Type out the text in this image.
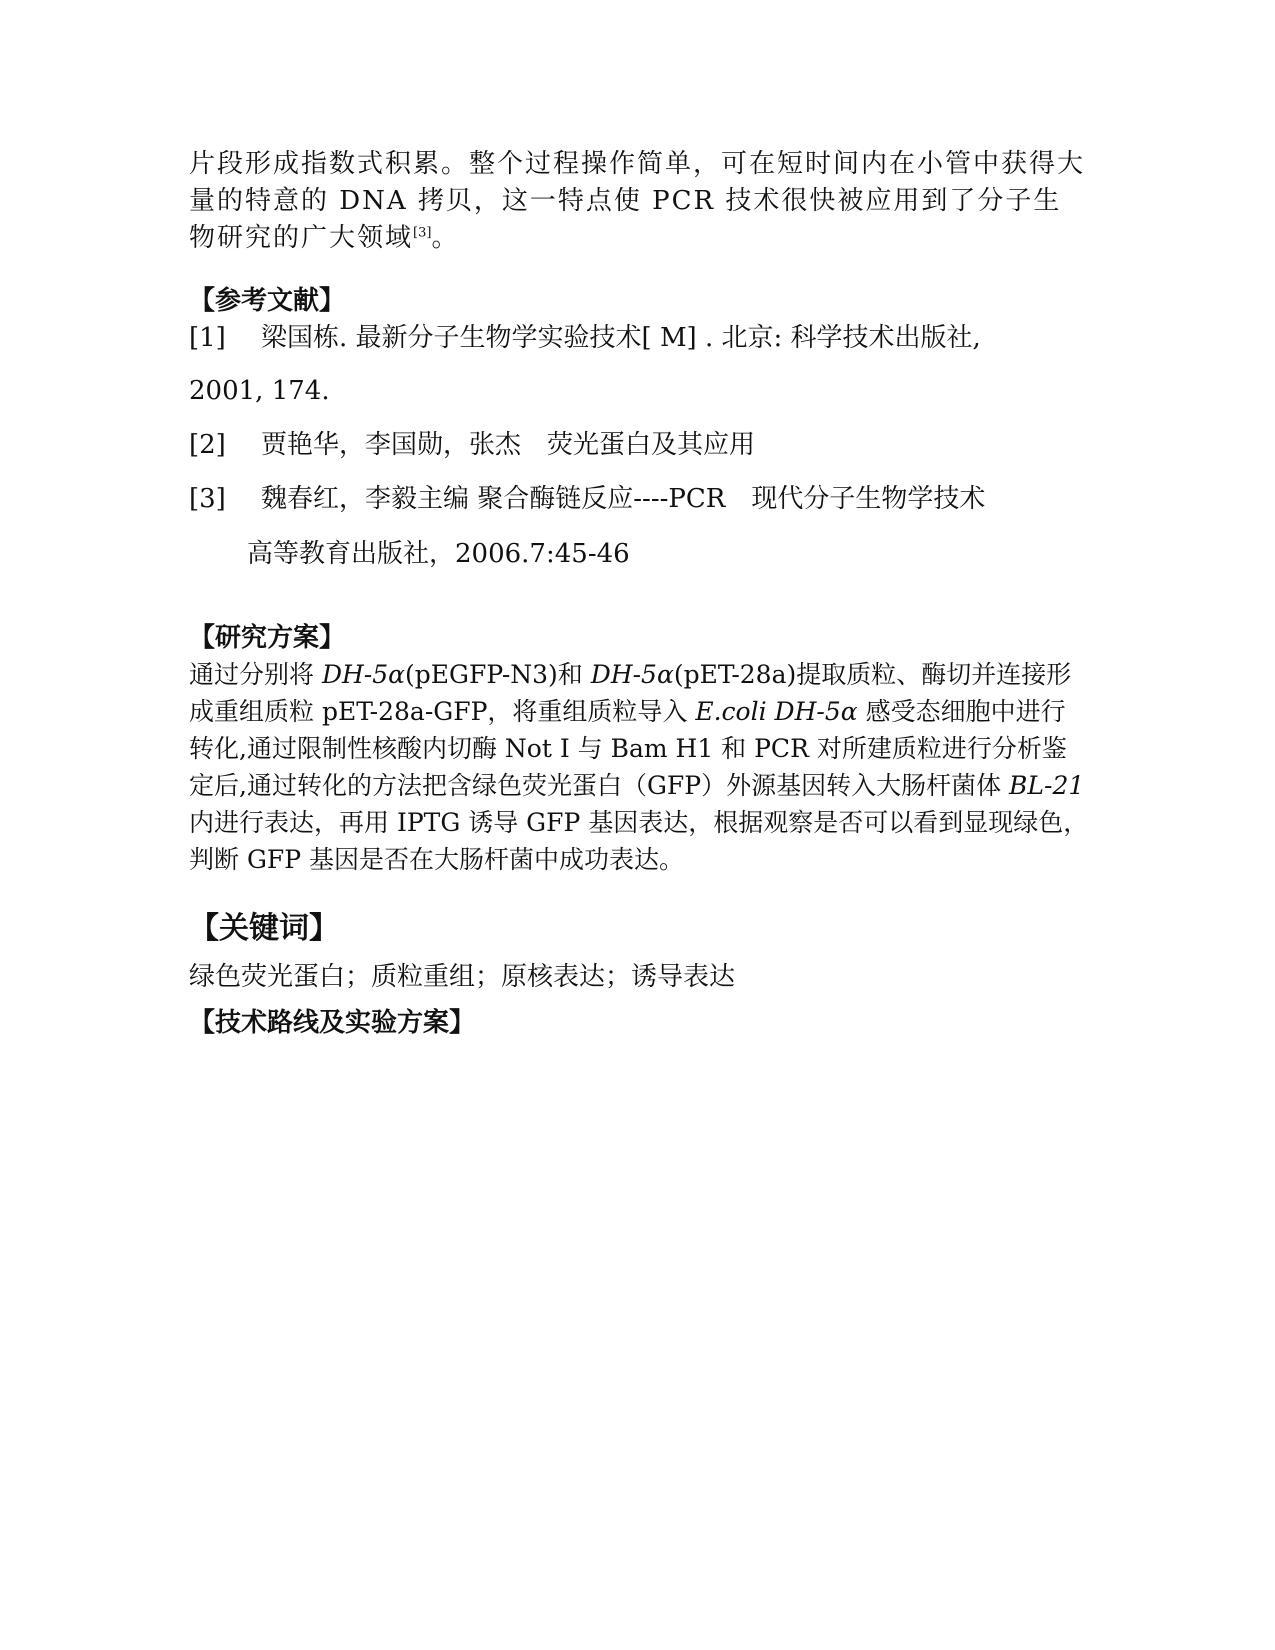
片段形成指数式积累。整个过程操作简单，可在短时间内在小管中获得大量的特意的 DNA 拷贝，这一特点使 PCR 技术很快被应用到了分子生物研究的广大领域[3]。
【参考文献】
[1] 梁国栋. 最新分子生物学实验技术[ M] . 北京: 科学技术出版社,
2001, 174.
[2] 贾艳华，李国勋，张杰　荧光蛋白及其应用
[3] 魏春红，李毅主编 聚合酶链反应----PCR　现代分子生物学技术
高等教育出版社，2006.7:45-46
【研究方案】
通过分别将 DH-5α(pEGFP-N3)和 DH-5α(pET-28a)提取质粒、酶切并连接形成重组质粒 pET-28a-GFP，将重组质粒导入 E.coli DH-5α 感受态细胞中进行转化,通过限制性核酸内切酶 Not I 与 Bam H1 和 PCR 对所建质粒进行分析鉴定后,通过转化的方法把含绿色荧光蛋白（GFP）外源基因转入大肠杆菌体 BL-21 内进行表达，再用 IPTG 诱导 GFP 基因表达，根据观察是否可以看到显现绿色，判断 GFP 基因是否在大肠杆菌中成功表达。
【关键词】
绿色荧光蛋白；质粒重组；原核表达；诱导表达
【技术路线及实验方案】
